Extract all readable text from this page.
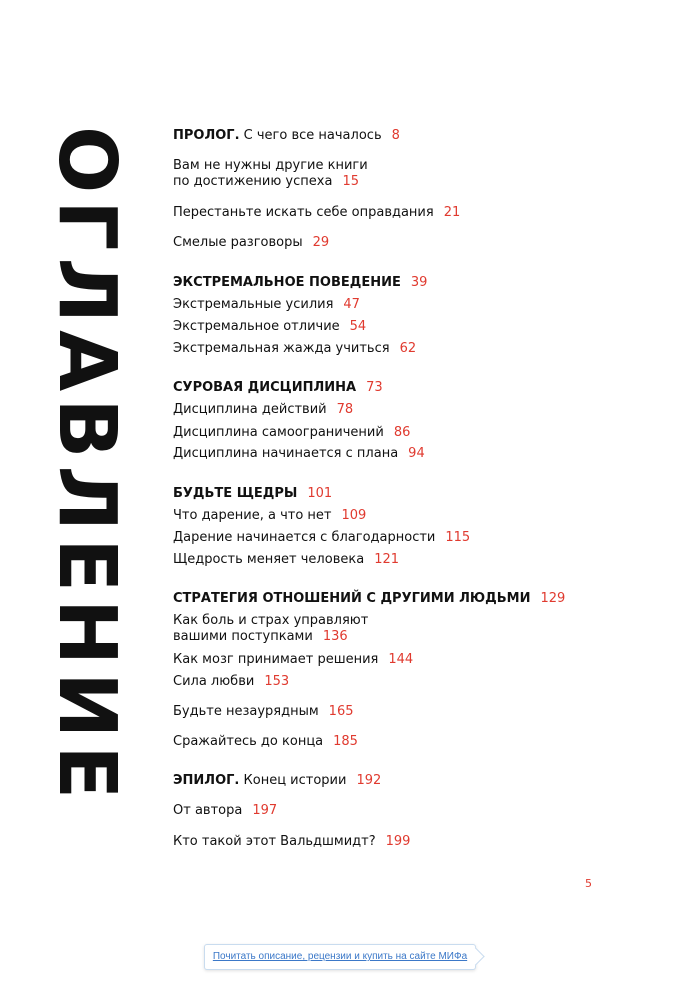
ОГЛАВЛЕНИЕ	ПРОЛОГ. С чего все началось 8
Вам не нужны другие книги
по достижению успеха 15
Перестаньте искать себе оправдания 21
Смелые разговоры 29
ЭКСТРЕМАЛЬНОЕ ПОВЕДЕНИЕ 39
Экстремальные усилия 47
Экстремальное отличие 54
Экстремальная жажда учиться 62
СУРОВАЯ ДИСЦИПЛИНА 73
Дисциплина действий 78
Дисциплина самоограничений 86
Дисциплина начинается с плана 94
БУДЬТЕ ЩЕДРЫ 101
Что дарение, а что нет 109
Дарение начинается с благодарности 115
Щедрость меняет человека 121
СТРАТЕГИЯ ОТНОШЕНИЙ С ДРУГИМИ ЛЮДЬМИ 129
Как боль и страх управляют
вашими поступками 136
Как мозг принимает решения 144
Сила любви 153
Будьте незаурядным 165
Сражайтесь до конца 185
ЭПИЛОГ. Конец истории 192
От автора 197
Кто такой этот Вальдшмидт? 199
5
Почитать описание, рецензии и купить на сайте МИФа
